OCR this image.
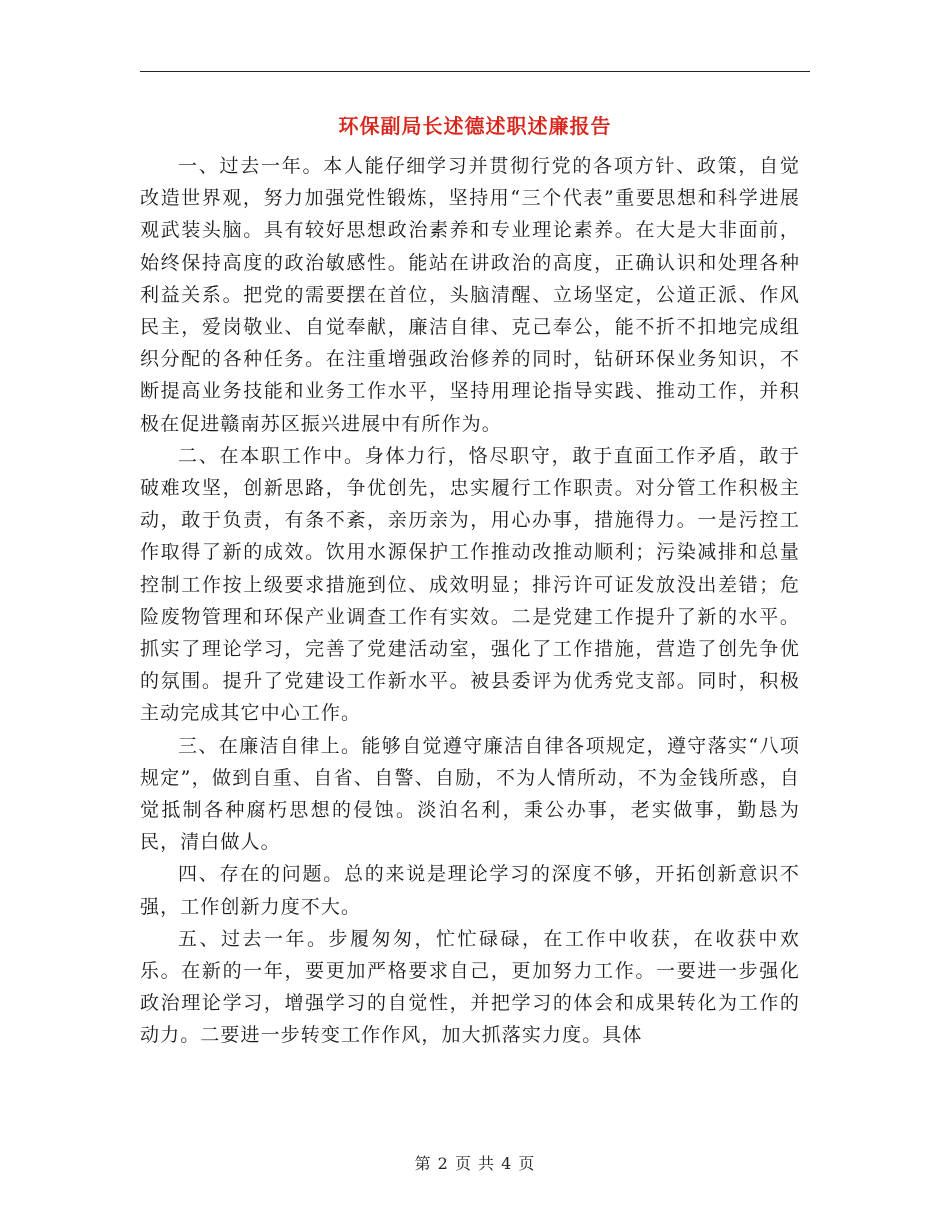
环保副局长述德述职述廉报告

一、过去一年。本人能仔细学习并贯彻行党的各项方针、政策，自觉改造世界观，努力加强党性锻炼，坚持用“三个代表”重要思想和科学进展观武装头脑。具有较好思想政治素养和专业理论素养。在大是大非面前，始终保持高度的政治敏感性。能站在讲政治的高度，正确认识和处理各种利益关系。把党的需要摆在首位，头脑清醒、立场坚定，公道正派、作风民主，爱岗敬业、自觉奉献，廉洁自律、克己奉公，能不折不扣地完成组织分配的各种任务。在注重增强政治修养的同时，钻研环保业务知识，不断提高业务技能和业务工作水平，坚持用理论指导实践、推动工作，并积极在促进赣南苏区振兴进展中有所作为。

二、在本职工作中。身体力行，恪尽职守，敢于直面工作矛盾，敢于破难攻坚，创新思路，争优创先，忠实履行工作职责。对分管工作积极主动，敢于负责，有条不紊，亲历亲为，用心办事，措施得力。一是污控工作取得了新的成效。饮用水源保护工作推动改推动顺利；污染减排和总量控制工作按上级要求措施到位、成效明显；排污许可证发放没出差错；危险废物管理和环保产业调查工作有实效。二是党建工作提升了新的水平。抓实了理论学习，完善了党建活动室，强化了工作措施，营造了创先争优的氛围。提升了党建设工作新水平。被县委评为优秀党支部。同时，积极主动完成其它中心工作。

三、在廉洁自律上。能够自觉遵守廉洁自律各项规定，遵守落实“八项规定”，做到自重、自省、自警、自励，不为人情所动，不为金钱所惑，自觉抵制各种腐朽思想的侵蚀。淡泊名利，秉公办事，老实做事，勤恳为民，清白做人。

四、存在的问题。总的来说是理论学习的深度不够，开拓创新意识不强，工作创新力度不大。

五、过去一年。步履匆匆，忙忙碌碌，在工作中收获，在收获中欢乐。在新的一年，要更加严格要求自己，更加努力工作。一要进一步强化政治理论学习，增强学习的自觉性，并把学习的体会和成果转化为工作的动力。二要进一步转变工作作风，加大抓落实力度。具体

第 2 页 共 4 页
